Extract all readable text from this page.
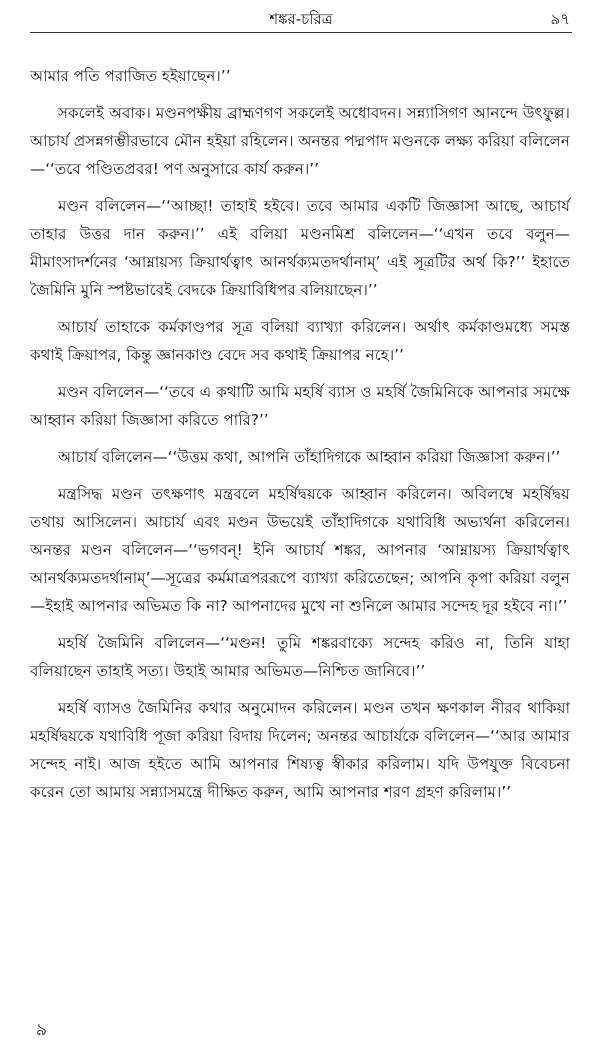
শঙ্কর-চরিত্র	৯৭

আমার পতি পরাজিত হইয়াছেন।’’

সকলেই অবাক। মণ্ডনপক্ষীয় ব্রাহ্মণগণ সকলেই অধোবদন। সন্ন্যাসিগণ আনন্দে উৎফুল্ল। আচার্য প্রসন্নগম্ভীরভাবে মৌন হইয়া রহিলেন। অনন্তর পদ্মপাদ মণ্ডনকে লক্ষ্য করিয়া বলিলেন—‘‘তবে পণ্ডিতপ্রবর! পণ অনুসারে কার্য করুন।’’

মণ্ডন বলিলেন—‘‘আচ্ছা! তাহাই হইবে। তবে আমার একটি জিজ্ঞাসা আছে, আচার্য তাহার উত্তর দান করুন।’’ এই বলিয়া মণ্ডনমিশ্র বলিলেন—‘‘এখন তবে বলুন—মীমাংসাদর্শনের ‘আম্নায়স্য ক্রিয়ার্থত্বাৎ আনর্থক্যমতদর্থানাম্’ এই সূত্রটির অর্থ কি?’’ ইহাতে জৈমিনি মুনি স্পষ্টভাবেই বেদকে ক্রিয়াবিধিপর বলিয়াছেন।’’

আচার্য তাহাকে কর্মকাণ্ডপর সূত্র বলিয়া ব্যাখ্যা করিলেন। অর্থাৎ কর্মকাণ্ডমধ্যে সমস্ত কথাই ক্রিয়াপর, কিন্তু জ্ঞানকাণ্ড বেদে সব কথাই ক্রিয়াপর নহে।’’

মণ্ডন বলিলেন—‘‘তবে এ কথাটি আমি মহর্ষি ব্যাস ও মহর্ষি জৈমিনিকে আপনার সমক্ষে আহ্বান করিয়া জিজ্ঞাসা করিতে পারি?’’

আচার্য বলিলেন—‘‘উত্তম কথা, আপনি তাঁহাদিগকে আহ্বান করিয়া জিজ্ঞাসা করুন।’’

মন্ত্রসিদ্ধ মণ্ডন তৎক্ষণাৎ মন্ত্রবলে মহর্ষিদ্বয়কে আহ্বান করিলেন। অবিলম্বে মহর্ষিদ্বয় তথায় আসিলেন। আচার্য এবং মণ্ডন উভয়েই তাঁহাদিগকে যথাবিধি অভ্যর্থনা করিলেন। অনন্তর মণ্ডন বলিলেন—‘‘ভগবন্! ইনি আচার্য শঙ্কর, আপনার ‘আম্নায়স্য ক্রিয়ার্থত্বাৎ আনর্থক্যমতদর্থানাম্’—সূত্রের কর্মমাত্রপররূপে ব্যাখ্যা করিতেছেন; আপনি কৃপা করিয়া বলুন—ইহাই আপনার অভিমত কি না? আপনাদের মুখে না শুনিলে আমার সন্দেহ দূর হইবে না।’’

মহর্ষি জৈমিনি বলিলেন—‘‘মণ্ডন! তুমি শঙ্করবাক্যে সন্দেহ করিও না, তিনি যাহা বলিয়াছেন তাহাই সত্য। উহাই আমার অভিমত—নিশ্চিত জানিবে।’’

মহর্ষি ব্যাসও জৈমিনির কথার অনুমোদন করিলেন। মণ্ডন তখন ক্ষণকাল নীরব থাকিয়া মহর্ষিদ্বয়কে যথাবিধি পূজা করিয়া বিদায় দিলেন; অনন্তর আচার্যকে বলিলেন—‘‘আর আমার সন্দেহ নাই। আজ হইতে আমি আপনার শিষ্যত্ব স্বীকার করিলাম। যদি উপযুক্ত বিবেচনা করেন তো আমায় সন্ন্যাসমন্ত্রে দীক্ষিত করুন, আমি আপনার শরণ গ্রহণ করিলাম।’’

৯
